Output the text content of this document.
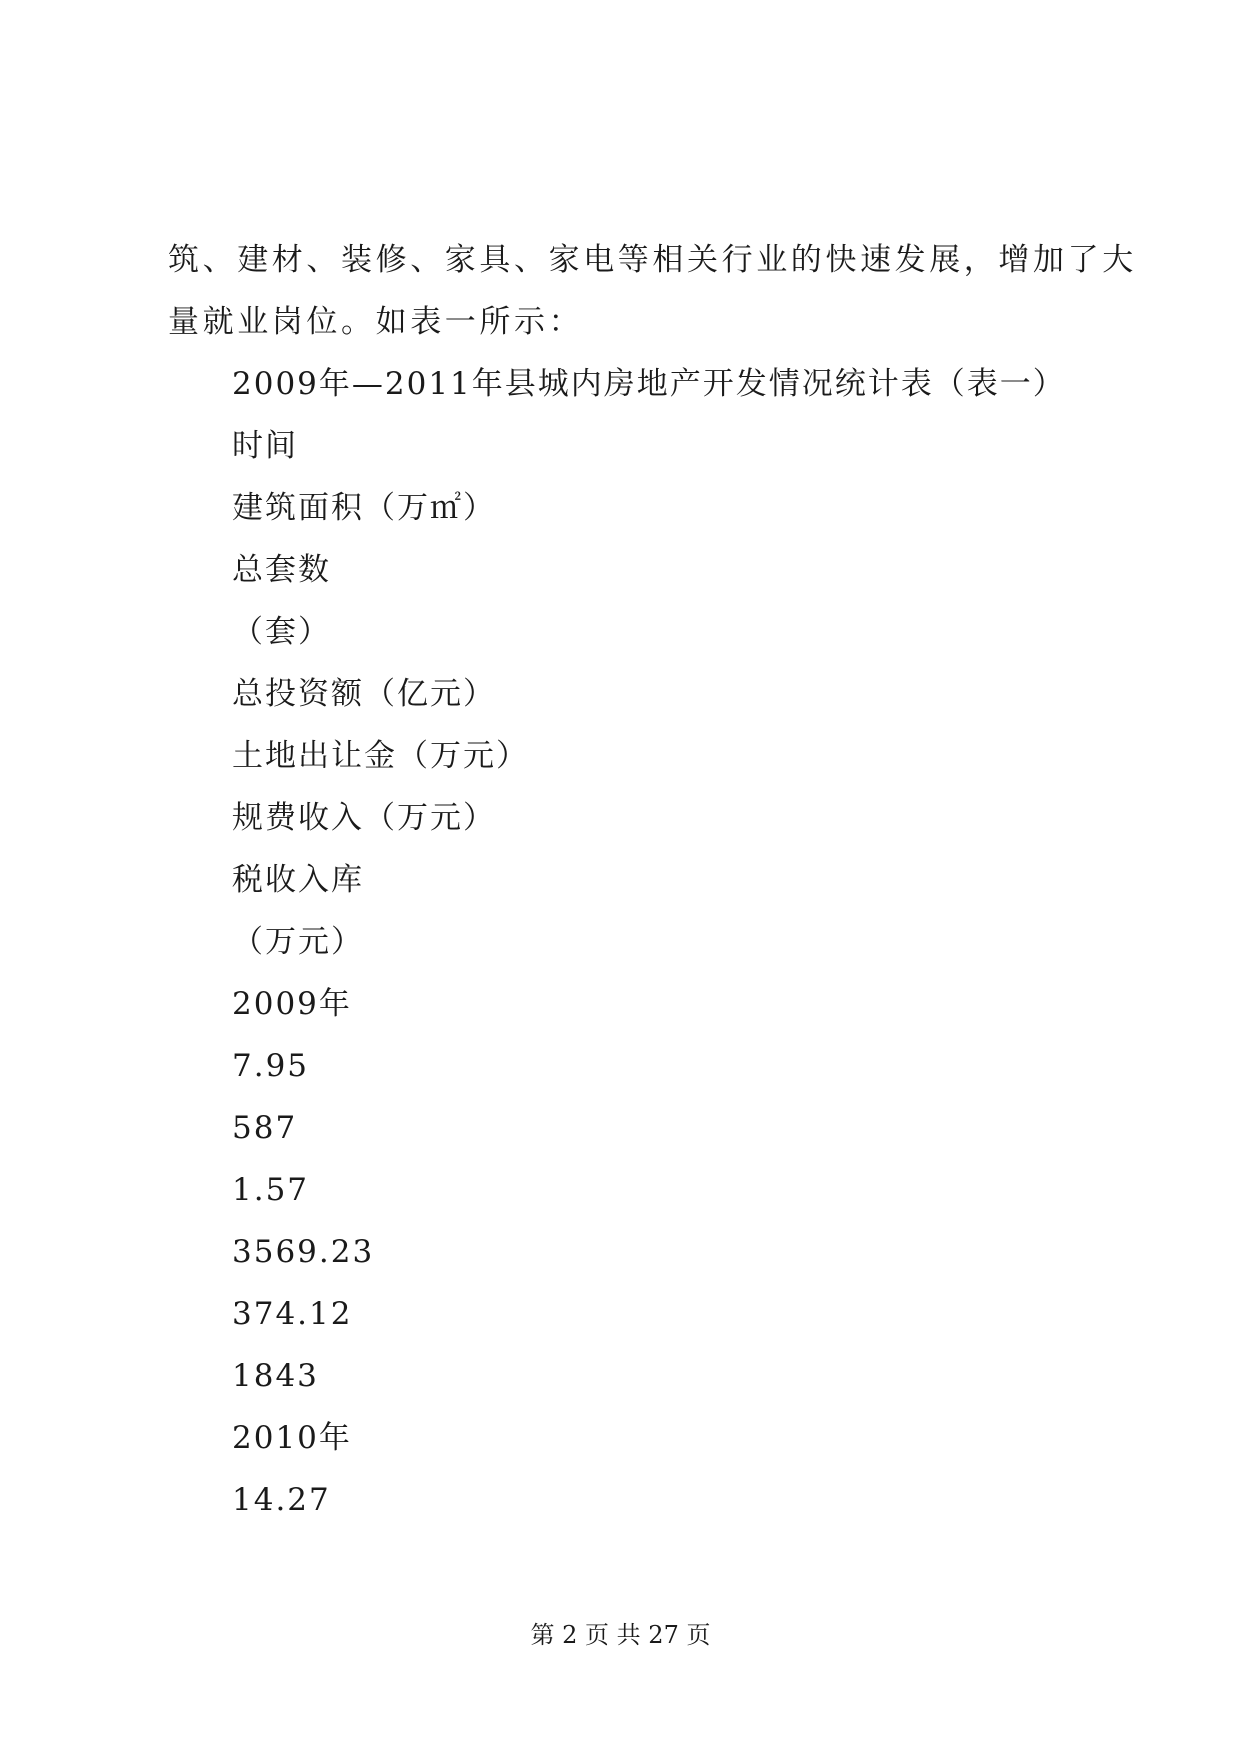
筑、建材、装修、家具、家电等相关行业的快速发展，增加了大
量就业岗位。如表一所示：
2009年—2011年县城内房地产开发情况统计表（表一）
时间
建筑面积（万㎡）
总套数
（套）
总投资额（亿元）
土地出让金（万元）
规费收入（万元）
税收入库
（万元）
2009年
7.95
587
1.57
3569.23
374.12
1843
2010年
14.27
第 2 页 共 27 页
